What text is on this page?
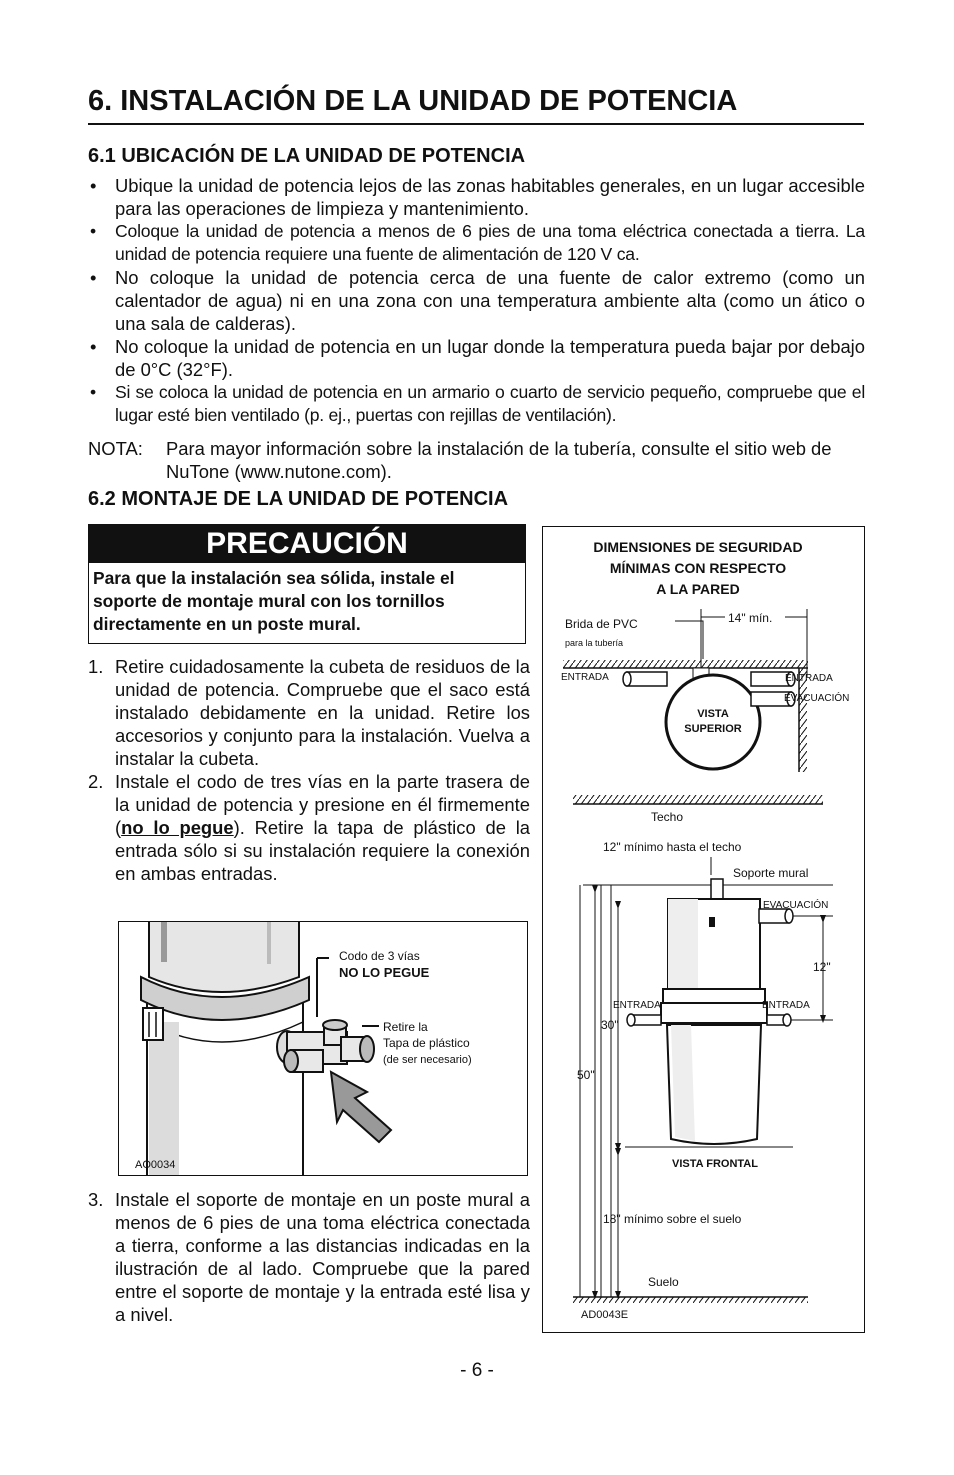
6. INSTALACIÓN DE LA UNIDAD DE POTENCIA
6.1 UBICACIÓN DE LA UNIDAD DE POTENCIA
• Ubique la unidad de potencia lejos de las zonas habitables generales, en un lugar accesible para las operaciones de limpieza y mantenimiento.
• Coloque la unidad de potencia a menos de 6 pies de una toma eléctrica conectada a tierra. La unidad de potencia requiere una fuente de alimentación de 120 V ca.
• No coloque la unidad de potencia cerca de una fuente de calor extremo (como un calentador de agua) ni en una zona con una temperatura ambiente alta (como un ático o una sala de calderas).
• No coloque la unidad de potencia en un lugar donde la temperatura pueda bajar por debajo de 0°C (32°F).
• Si se coloca la unidad de potencia en un armario o cuarto de servicio pequeño, compruebe que el lugar esté bien ventilado (p. ej., puertas con rejillas de ventilación).
NOTA: Para mayor información sobre la instalación de la tubería, consulte el sitio web de NuTone (www.nutone.com).
6.2 MONTAJE DE LA UNIDAD DE POTENCIA
PRECAUCIÓN
Para que la instalación sea sólida, instale el soporte de montaje mural con los tornillos directamente en un poste mural.
1. Retire cuidadosamente la cubeta de residuos de la unidad de potencia. Compruebe que el saco está instalado debidamente en la unidad. Retire los accesorios y conjunto para la instalación. Vuelva a instalar la cubeta.
2. Instale el codo de tres vías en la parte trasera de la unidad de potencia y presione en él firmemente (no lo pegue). Retire la tapa de plástico de la entrada sólo si su instalación requiere la conexión en ambas entradas.
Codo de 3 vías
NO LO PEGUE
Retire la
Tapa de plástico
(de ser necesario)
AO0034
3. Instale el soporte de montaje en un poste mural a menos de 6 pies de una toma eléctrica conectada a tierra, conforme a las distancias indicadas en la ilustración de al lado. Compruebe que la pared entre el soporte de montaje y la entrada esté lisa y a nivel.
DIMENSIONES DE SEGURIDAD
MÍNIMAS CON RESPECTO
A LA PARED
Brida de PVC
para la tubería
14" mín.
VISTA
SUPERIOR
ENTRADA	ENTRADA
EVACUACIÓN
Techo
12" mínimo hasta el techo
Soporte mural
EVACUACIÓN
12"
ENTRADA	ENTRADA
30"
50"
VISTA FRONTAL
18" mínimo sobre el suelo
Suelo
AD0043E
- 6 -
